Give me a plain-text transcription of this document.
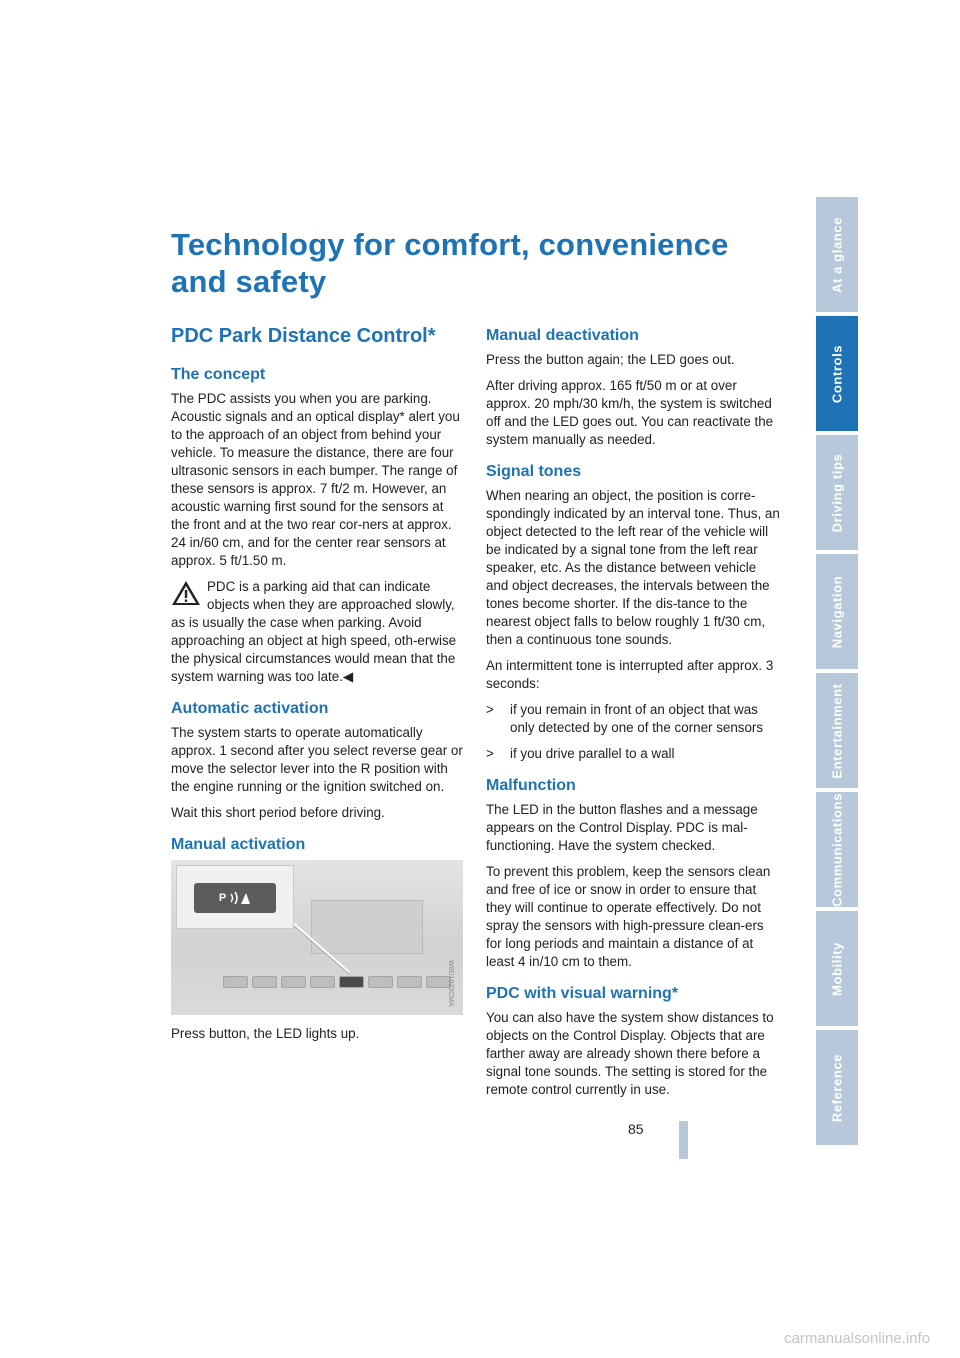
Technology for comfort, convenience and safety
PDC Park Distance Control*
The concept

The PDC assists you when you are parking. Acoustic signals and an optical display* alert you to the approach of an object from behind your vehicle. To measure the distance, there are four ultrasonic sensors in each bumper. The range of these sensors is approx. 7 ft/2 m. However, an acoustic warning first sound for the sensors at the front and at the two rear cor-ners at approx. 24 in/60 cm, and for the center rear sensors at approx. 5 ft/1.50 m.

PDC is a parking aid that can indicate objects when they are approached slowly, as is usually the case when parking. Avoid approaching an object at high speed, oth-erwise the physical circumstances would mean that the system warning was too late.◀

Automatic activation

The system starts to operate automatically approx. 1 second after you select reverse gear or move the selector lever into the R position with the engine running or the ignition switched on.

Wait this short period before driving.

Manual activation
P
W8D1023CMA

Press button, the LED lights up.

Manual deactivation

Press the button again; the LED goes out.

After driving approx. 165 ft/50 m or at over approx. 20 mph/30 km/h, the system is switched off and the LED goes out. You can reactivate the system manually as needed.

Signal tones

When nearing an object, the position is corre-spondingly indicated by an interval tone. Thus, an object detected to the left rear of the vehicle will be indicated by a signal tone from the left rear speaker, etc. As the distance between vehicle and object decreases, the intervals between the tones become shorter. If the dis-tance to the nearest object falls to below roughly 1 ft/30 cm, then a continuous tone sounds.

An intermittent tone is interrupted after approx. 3 seconds:

> if you remain in front of an object that was only detected by one of the corner sensors
> if you drive parallel to a wall
Malfunction

The LED in the button flashes and a message appears on the Control Display. PDC is mal-functioning. Have the system checked.

To prevent this problem, keep the sensors clean and free of ice or snow in order to ensure that they will continue to operate effectively. Do not spray the sensors with high-pressure clean-ers for long periods and maintain a distance of at least 4 in/10 cm to them.

PDC with visual warning*

You can also have the system show distances to objects on the Control Display. Objects that are farther away are already shown there before a signal tone sounds. The setting is stored for the remote control currently in use.

At a glance
Controls
Driving tips
Navigation
Entertainment
Communications
Mobility
Reference
85
carmanualsonline.info
